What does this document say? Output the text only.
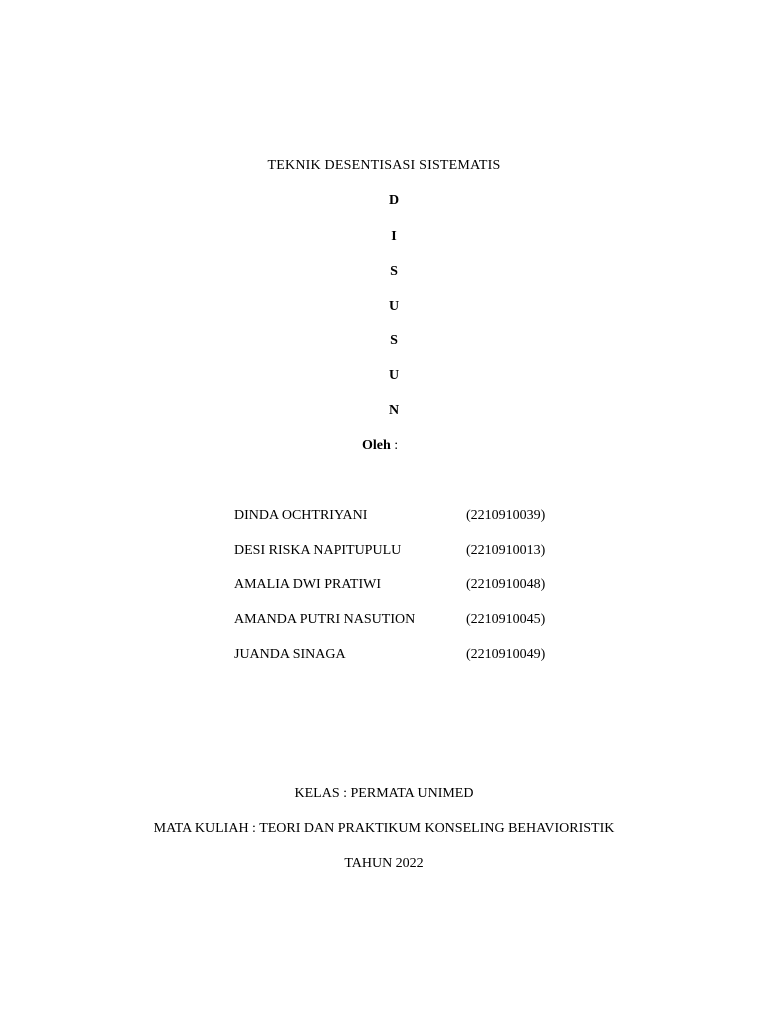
TEKNIK DESENTISASI SISTEMATIS
D
I
S
U
S
U
N
Oleh :
DINDA OCHTRIYANI	(2210910039)
DESI RISKA NAPITUPULU	(2210910013)
AMALIA DWI PRATIWI	(2210910048)
AMANDA PUTRI NASUTION	(2210910045)
JUANDA SINAGA	(2210910049)
KELAS : PERMATA UNIMED
MATA KULIAH : TEORI DAN PRAKTIKUM KONSELING BEHAVIORISTIK
TAHUN 2022
